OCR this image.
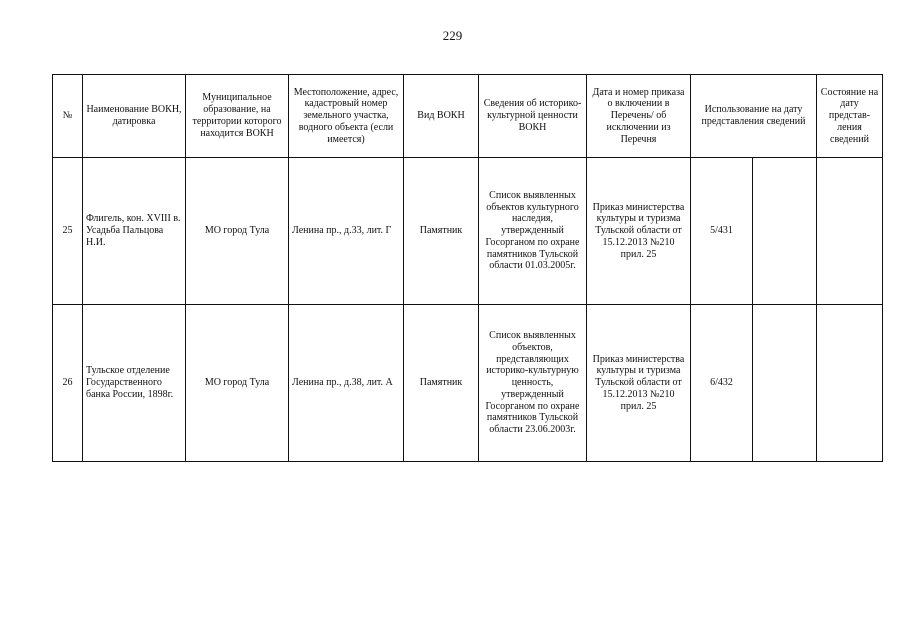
229
№	Наименование ВОКН, датировка	Муниципальное образование, на территории которого находится ВОКН	Местоположение, адрес, кадастровый номер земельного участка, водного объекта (если имеется)	Вид ВОКН	Сведения об историко-культурной ценности ВОКН	Дата и номер приказа о включении в Перечень/ об исключении из Перечня	Использование на дату представления сведений		Состояние на дату представ-ления сведений
25	Флигель, кон. XVIII в. Усадьба Пальцова Н.И.	МО город Тула	Ленина пр., д.33, лит. Г	Памятник	Список выявленных объектов культурного наследия, утвержденный Госорганом по охране памятников Тульской области 01.03.2005г.	Приказ министерства культуры и туризма Тульской области от 15.12.2013 №210 прил. 25	5/431		
26	Тульское отделение Государственного банка России, 1898г.	МО город Тула	Ленина пр., д.38, лит. А	Памятник	Список выявленных объектов, представляющих историко-культурную ценность, утвержденный Госорганом по охране памятников Тульской области 23.06.2003г.	Приказ министерства культуры и туризма Тульской области от 15.12.2013 №210 прил. 25	6/432		
